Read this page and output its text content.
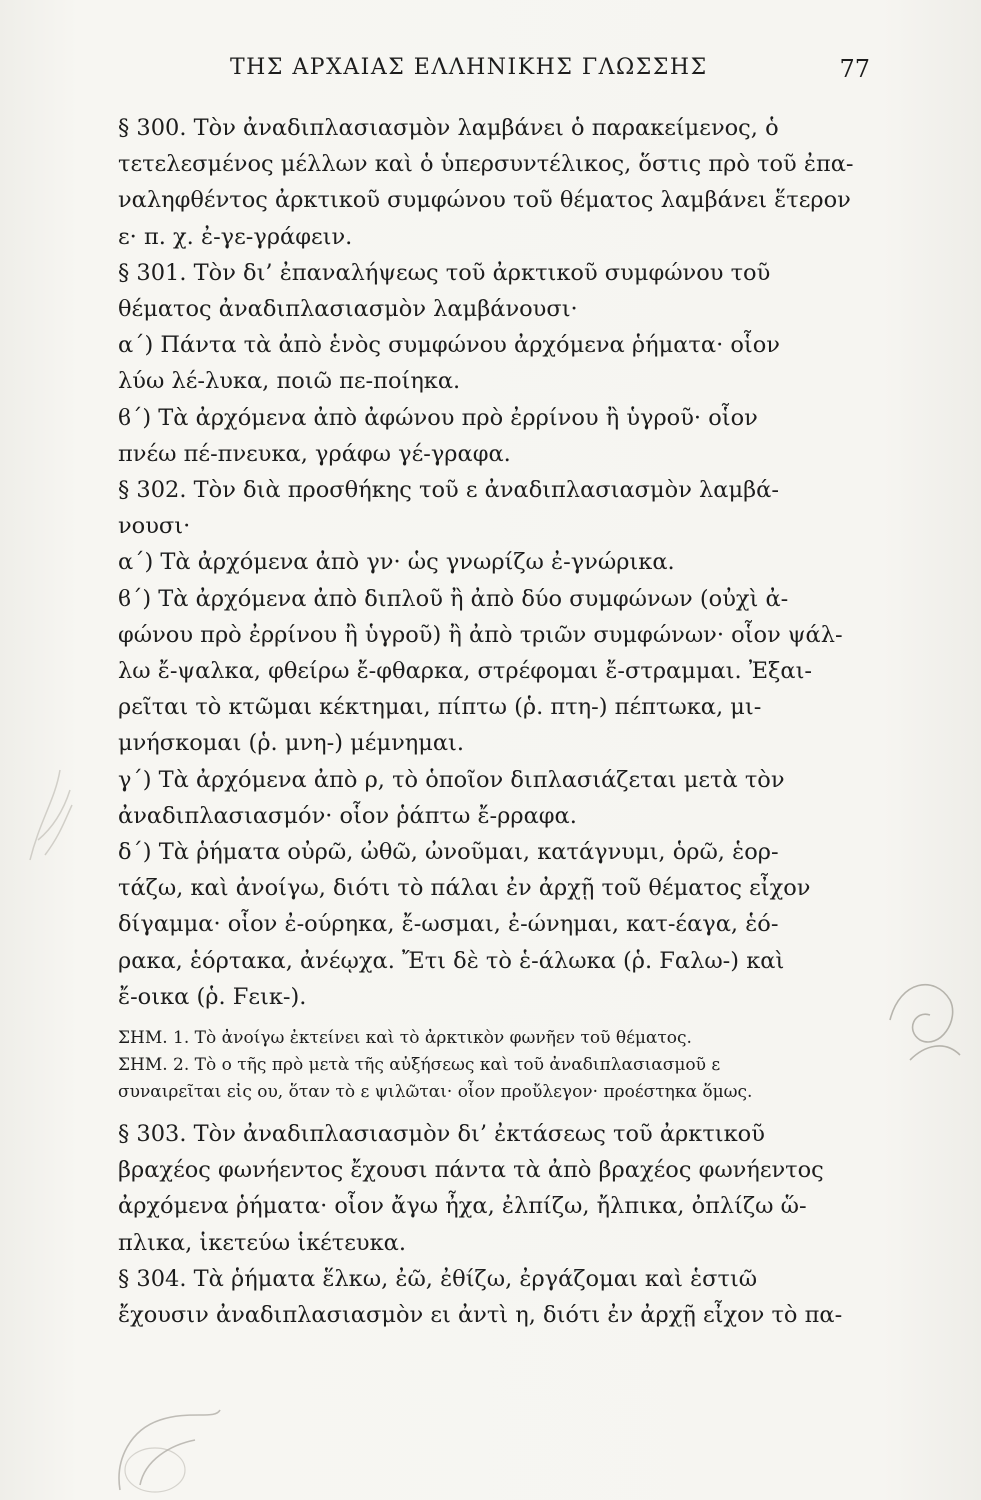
ΤΗΣ ΑΡΧΑΙΑΣ ΕΛΛΗΝΙΚΗΣ ΓΛΩΣΣΗΣ	77

§ 300. Τὸν ἀναδιπλασιασμὸν λαμβάνει ὁ παρακείμενος, ὁ

τετελεσμένος μέλλων καὶ ὁ ὑπερσυντέλικος, ὅστις πρὸ τοῦ ἐπα-

ναληφθέντος ἀρκτικοῦ συμφώνου τοῦ θέματος λαμβάνει ἕτερον

ε· π. χ. ἐ-γε-γράφειν.

§ 301. Τὸν δι’ ἐπαναλήψεως τοῦ ἀρκτικοῦ συμφώνου τοῦ

θέματος ἀναδιπλασιασμὸν λαμβάνουσι·

α΄) Πάντα τὰ ἀπὸ ἑνὸς συμφώνου ἀρχόμενα ῥήματα· οἷον

λύω λέ-λυκα, ποιῶ πε-ποίηκα.

ϐ΄) Τὰ ἀρχόμενα ἀπὸ ἀφώνου πρὸ ἐρρίνου ἢ ὑγροῦ· οἷον

πνέω πέ-πνευκα, γράφω γέ-γραφα.

§ 302. Τὸν διὰ προσθήκης τοῦ ε ἀναδιπλασιασμὸν λαμβά-

νουσι·

α΄) Τὰ ἀρχόμενα ἀπὸ γν· ὡς γνωρίζω ἐ-γνώρικα.

ϐ΄) Τὰ ἀρχόμενα ἀπὸ διπλοῦ ἢ ἀπὸ δύο συμφώνων (οὐχὶ ἀ-

φώνου πρὸ ἐρρίνου ἢ ὑγροῦ) ἢ ἀπὸ τριῶν συμφώνων· οἷον ψάλ-

λω ἔ-ψαλκα, φθείρω ἔ-φθαρκα, στρέφομαι ἔ-στραμμαι. Ἐξαι-

ρεῖται τὸ κτῶμαι κέκτημαι, πίπτω (ῥ. πτη-) πέπτωκα, μι-

μνήσκομαι (ῥ. μνη-) μέμνημαι.

γ΄) Τὰ ἀρχόμενα ἀπὸ ρ, τὸ ὁποῖον διπλασιάζεται μετὰ τὸν

ἀναδιπλασιασμόν· οἷον ῥάπτω ἔ-ρραφα.

δ΄) Τὰ ῥήματα οὐρῶ, ὠθῶ, ὠνοῦμαι, κατάγνυμι, ὁρῶ, ἑορ-

τάζω, καὶ ἀνοίγω, διότι τὸ πάλαι ἐν ἀρχῇ τοῦ θέματος εἶχον

δίγαμμα· οἷον ἐ-ούρηκα, ἔ-ωσμαι, ἐ-ώνημαι, κατ-έαγα, ἑό-

ρακα, ἑόρτακα, ἀνέῳχα. Ἔτι δὲ τὸ ἑ-άλωκα (ῥ. Ϝαλω-) καὶ

ἔ-οικα (ῥ. Ϝεικ-).

ΣΗΜ. 1. Τὸ ἀνοίγω ἐκτείνει καὶ τὸ ἀρκτικὸν φωνῆεν τοῦ θέματος.

ΣΗΜ. 2. Τὸ ο τῆς πρὸ μετὰ τῆς αὐξήσεως καὶ τοῦ ἀναδιπλασιασμοῦ ε

συναιρεῖται εἰς ου, ὅταν τὸ ε ψιλῶται· οἷον προὔλεγον· προέστηκα ὅμως.

§ 303. Τὸν ἀναδιπλασιασμὸν δι’ ἐκτάσεως τοῦ ἀρκτικοῦ

βραχέος φωνήεντος ἔχουσι πάντα τὰ ἀπὸ βραχέος φωνήεντος

ἀρχόμενα ῥήματα· οἷον ἄγω ἦχα, ἐλπίζω, ἤλπικα, ὀπλίζω ὥ-

πλικα, ἱκετεύω ἱκέτευκα.

§ 304. Τὰ ῥήματα ἕλκω, ἐῶ, ἐθίζω, ἐργάζομαι καὶ ἑστιῶ

ἔχουσιν ἀναδιπλασιασμὸν ει ἀντὶ η, διότι ἐν ἀρχῇ εἶχον τὸ πα-
